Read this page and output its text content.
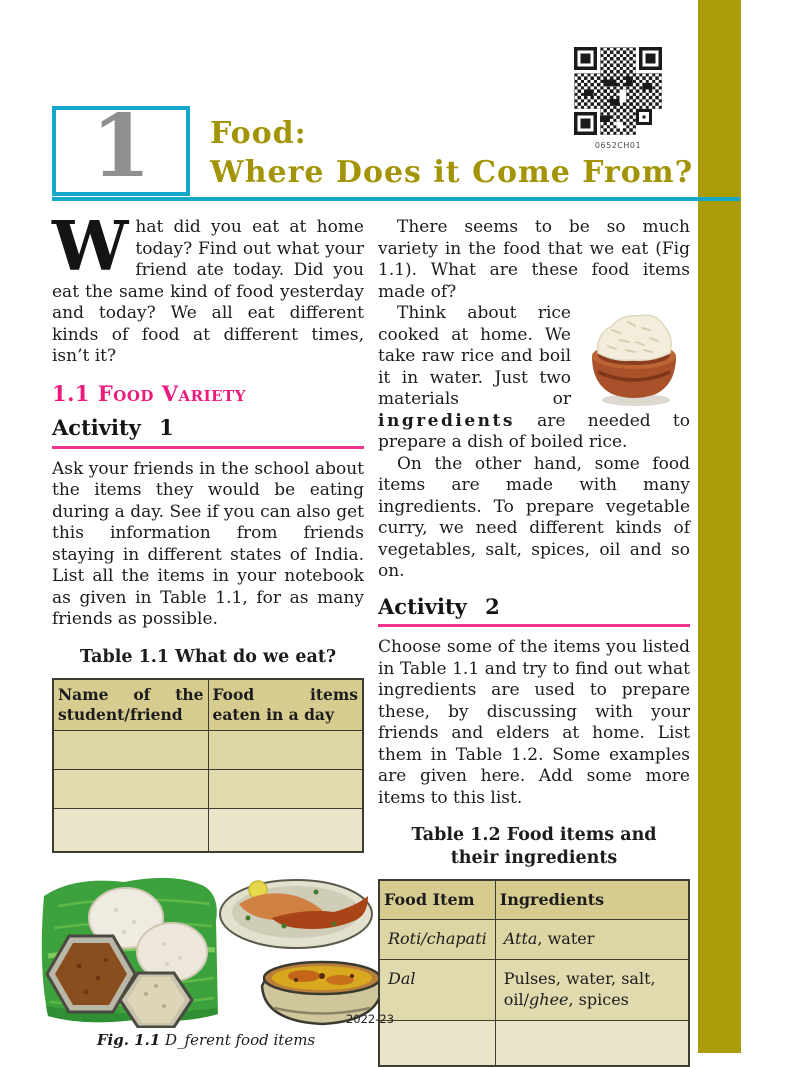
0652CH01
1 Food:
Where Does it Come From?

What did you eat at home today? Find out what your friend ate today. Did you eat the same kind of food yesterday and today? We all eat different kinds of food at different times, isn’t it?

1.1 Food Variety
Activity 1

Ask your friends in the school about the items they would be eating during a day. See if you can also get this information from friends staying in different states of India. List all the items in your notebook as given in Table 1.1, for as many friends as possible.

Table 1.1 What do we eat?
Name of the student/friend	Food items eaten in a day

Fig. 1.1 D_ferent food items

There seems to be so much variety in the food that we eat (Fig 1.1). What are these food items made of?

Think about rice cooked at home. We take raw rice and boil it in water. Just two materials or ingredients are needed to prepare a dish of boiled rice.

On the other hand, some food items are made with many ingredients. To prepare vegetable curry, we need different kinds of vegetables, salt, spices, oil and so on.

Activity 2

Choose some of the items you listed in Table 1.1 and try to find out what ingredients are used to prepare these, by discussing with your friends and elders at home. List them in Table 1.2. Some examples are given here. Add some more items to this list.

Table 1.2 Food items and their ingredients
Food Item	Ingredients
Roti/chapati	Atta, water
Dal	Pulses, water, salt, oil/ghee, spices

2022-23
